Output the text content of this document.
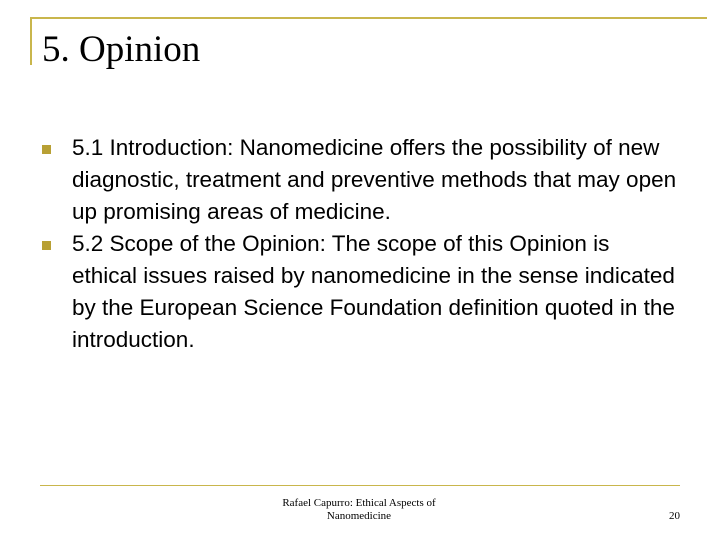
5. Opinion
5.1 Introduction: Nanomedicine offers the possibility of new diagnostic, treatment and preventive methods that may open up promising areas of medicine.
5.2 Scope of the Opinion: The scope of this Opinion is ethical issues raised by nanomedicine in the sense indicated by the European Science Foundation definition quoted in the introduction.

Rafael Capurro: Ethical Aspects of
Nanomedicine	20
